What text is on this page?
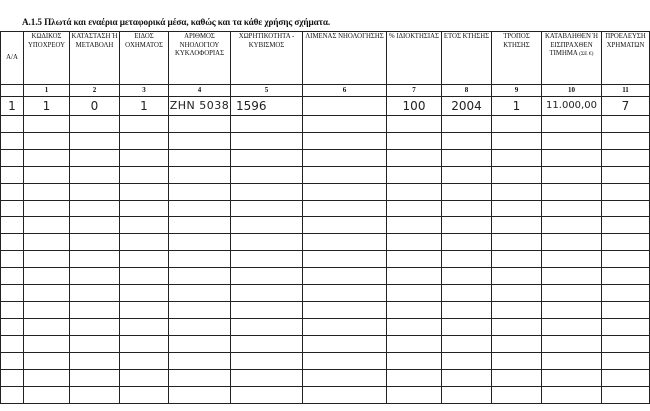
Α.1.5 Πλωτά και εναέρια μεταφορικά μέσα, καθώς και τα κάθε χρήσης σχήματα.
Α/Α	ΚΩΔΙΚΟΣ ΥΠΟΧΡΕΟΥ	ΚΑΤΑΣΤΑΣΗ Ή ΜΕΤΑΒΟΛΗ	ΕΙΔΟΣ ΟΧΗΜΑΤΟΣ	ΑΡΙΘΜΟΣ ΝΗΟΛΟΓΙΟΥ ΚΥΚΛΟΦΟΡΙΑΣ	ΧΩΡΗΤΙΚΟΤΗΤΑ - ΚΥΒΙΣΜΟΣ	ΛΙΜΕΝΑΣ ΝΗΟΛΟΓΗΣΗΣ	% ΙΔΙΟΚΤΗΣΙΑΣ	ΕΤΟΣ ΚΤΗΣΗΣ	ΤΡΟΠΟΣ ΚΤΗΣΗΣ	ΚΑΤΑΒΛΗΘΕΝ Ή ΕΙΣΠΡΑΧΘΕΝ ΤΙΜΗΜΑ (ΣΕ €)	ΠΡΟΕΛΕΥΣΗ ΧΡΗΜΑΤΩΝ
	1	2	3	4	5	6	7	8	9	10	11
1	1	0	1	ZHN 5038	1596		100	2004	1	11.000,00	7
